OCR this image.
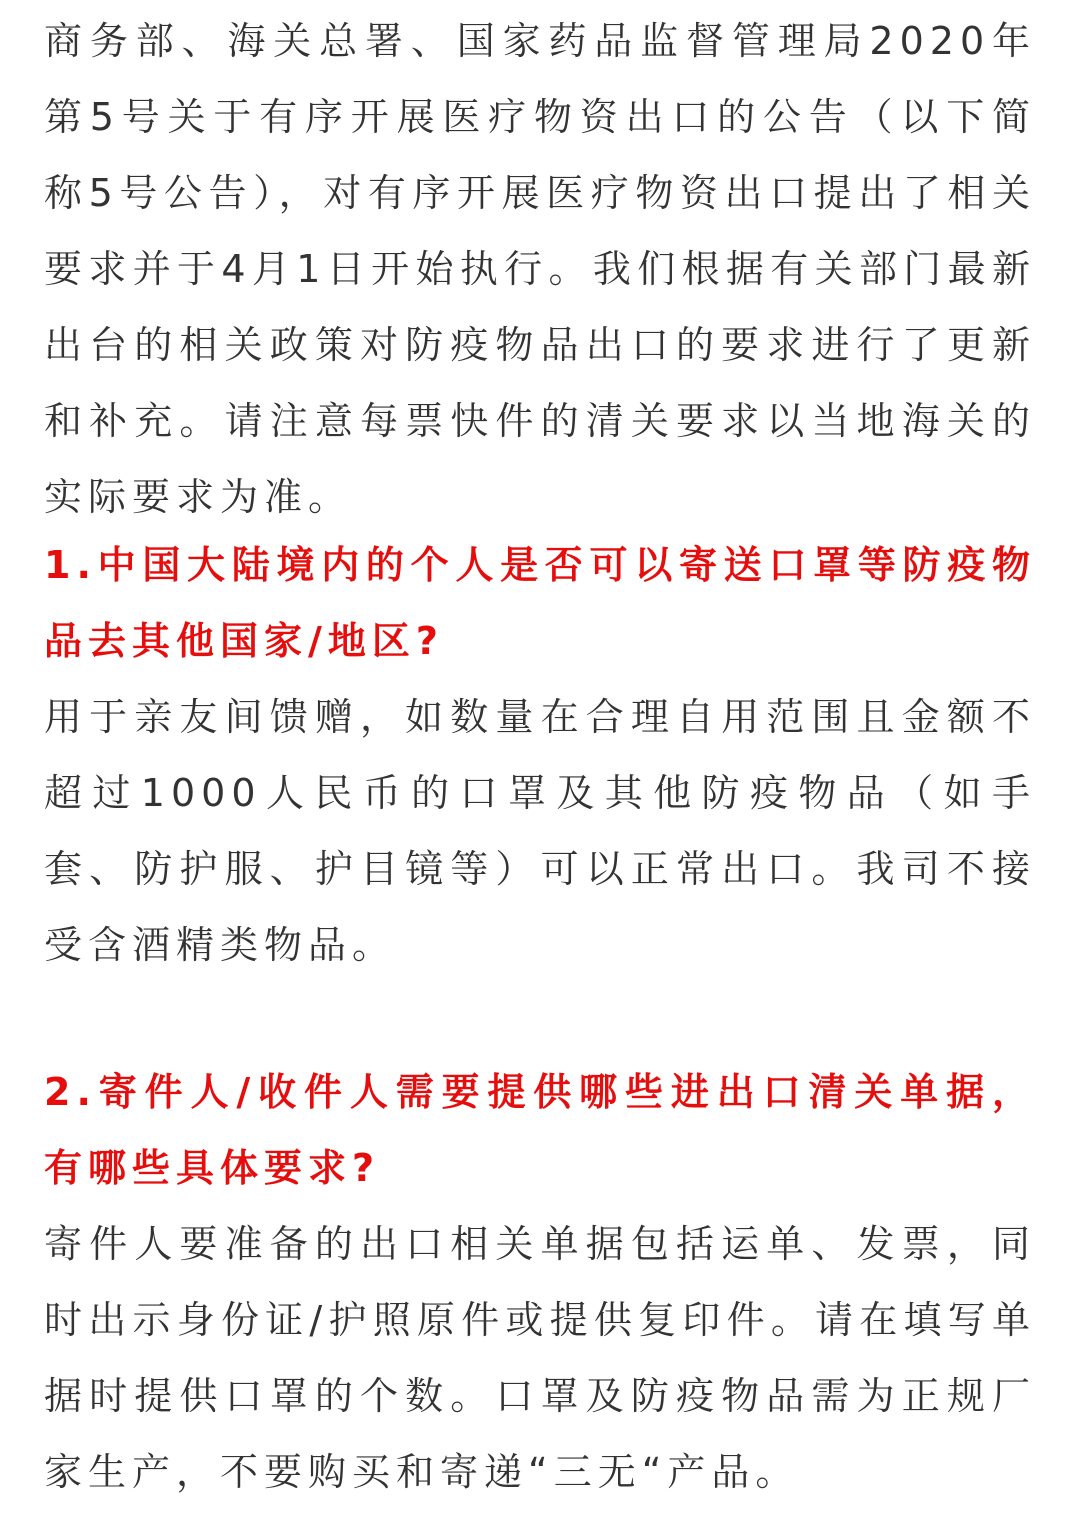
商务部、海关总署、国家药品监督管理局2020年第5号关于有序开展医疗物资出口的公告（以下简称5号公告），对有序开展医疗物资出口提出了相关要求并于4月1日开始执行。我们根据有关部门最新出台的相关政策对防疫物品出口的要求进行了更新和补充。请注意每票快件的清关要求以当地海关的实际要求为准。

1.中国大陆境内的个人是否可以寄送口罩等防疫物品去其他国家/地区?

用于亲友间馈赠，如数量在合理自用范围且金额不超过1000人民币的口罩及其他防疫物品（如手套、防护服、护目镜等）可以正常出口。我司不接受含酒精类物品。

2.寄件人/收件人需要提供哪些进出口清关单据，有哪些具体要求?

寄件人要准备的出口相关单据包括运单、发票，同时出示身份证/护照原件或提供复印件。请在填写单据时提供口罩的个数。口罩及防疫物品需为正规厂家生产，不要购买和寄递“三无“产品。
